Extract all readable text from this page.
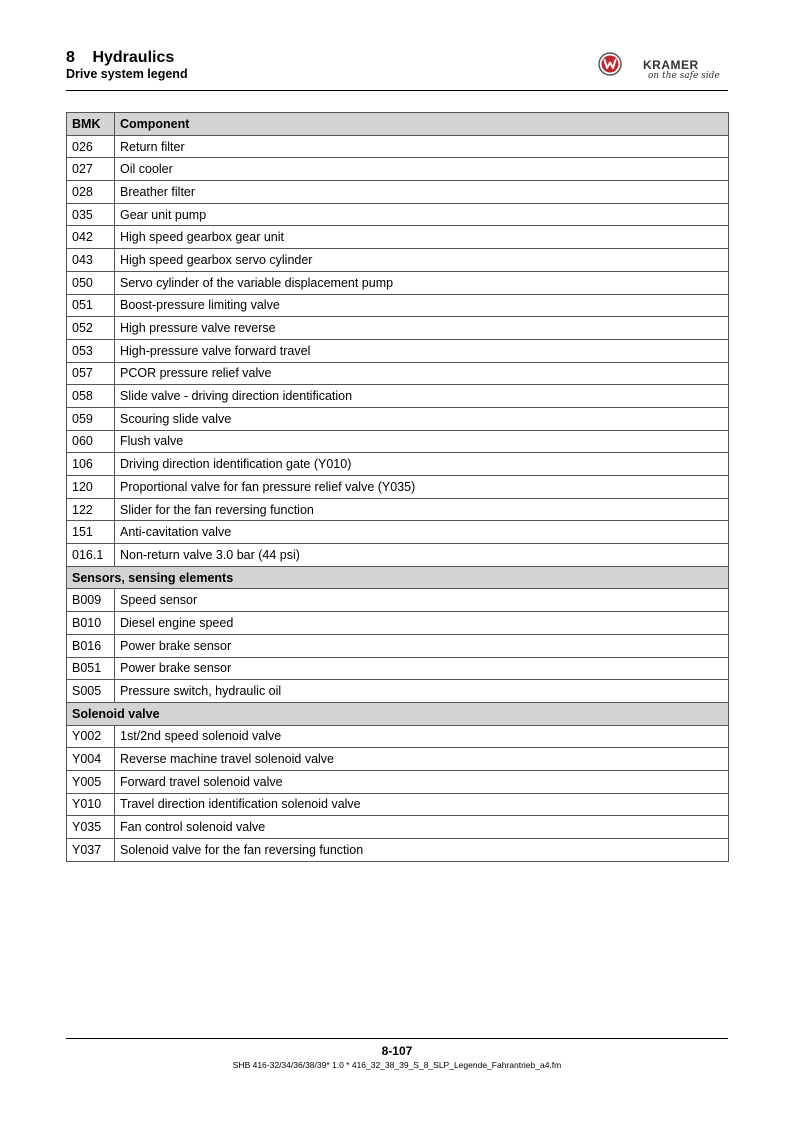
8 Hydraulics
Drive system legend
KRAMER
on the safe side
BMK	Component
026	Return filter
027	Oil cooler
028	Breather filter
035	Gear unit pump
042	High speed gearbox gear unit
043	High speed gearbox servo cylinder
050	Servo cylinder of the variable displacement pump
051	Boost-pressure limiting valve
052	High pressure valve reverse
053	High-pressure valve forward travel
057	PCOR pressure relief valve
058	Slide valve - driving direction identification
059	Scouring slide valve
060	Flush valve
106	Driving direction identification gate (Y010)
120	Proportional valve for fan pressure relief valve (Y035)
122	Slider for the fan reversing function
151	Anti-cavitation valve
016.1	Non-return valve 3.0 bar (44 psi)
Sensors, sensing elements	
B009	Speed sensor
B010	Diesel engine speed
B016	Power brake sensor
B051	Power brake sensor
S005	Pressure switch, hydraulic oil
Solenoid valve	
Y002	1st/2nd speed solenoid valve
Y004	Reverse machine travel solenoid valve
Y005	Forward travel solenoid valve
Y010	Travel direction identification solenoid valve
Y035	Fan control solenoid valve
Y037	Solenoid valve for the fan reversing function
8-107
SHB 416-32/34/36/38/39* 1.0 * 416_32_38_39_S_8_SLP_Legende_Fahrantrieb_a4.fm
